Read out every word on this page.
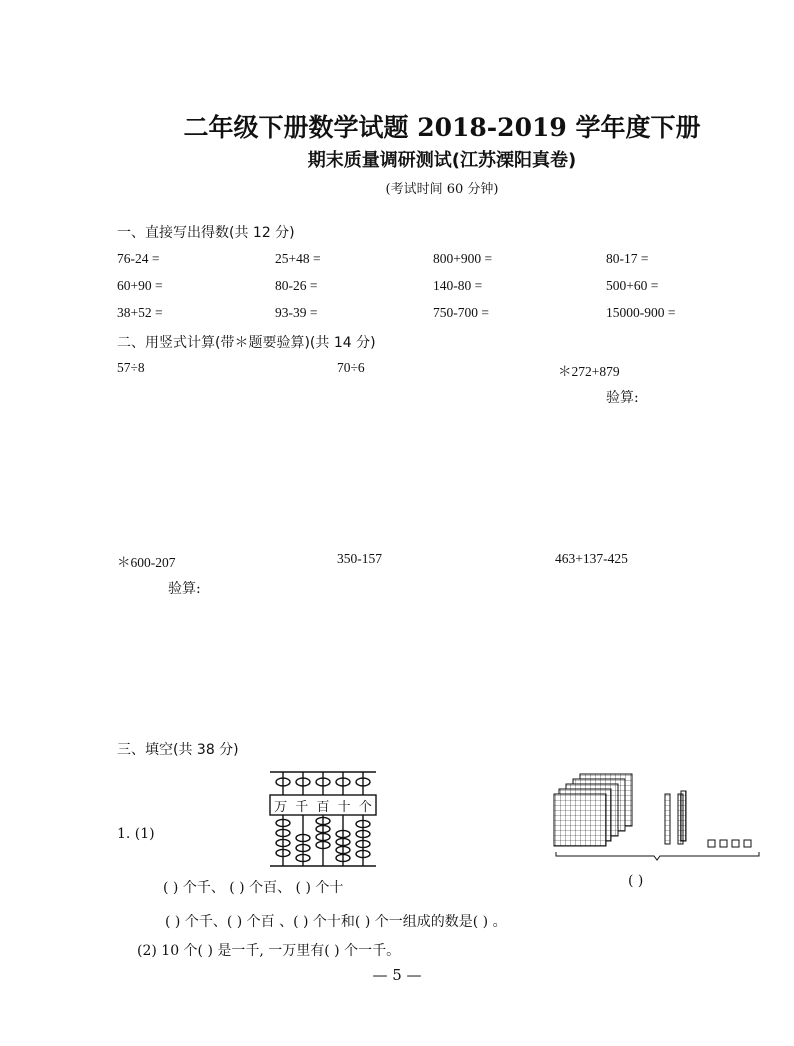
二年级下册数学试题 2018-2019 学年度下册
期末质量调研测试(江苏溧阳真卷)
(考试时间 60 分钟)
一、直接写出得数(共 12 分)
76-24 =	25+48 =	800+900 =	80-17 =
60+90 =	80-26 =	140-80 =	500+60 =
38+52 =	93-39 =	750-700 =	15000-900 =
二、用竖式计算(带＊题要验算)(共 14 分)
57÷8	70÷6	＊272+879
验算:
＊600-207	350-157	463+137-425
验算:
三、填空(共 38 分)
1. (1)
万 千 百 十 个
( )
( ) 个千、 ( ) 个百、 ( ) 个十
( ) 个千、( ) 个百 、( ) 个十和( ) 个一组成的数是( ) 。
(2) 10 个( ) 是一千, 一万里有( ) 个一千。
— 5 —
